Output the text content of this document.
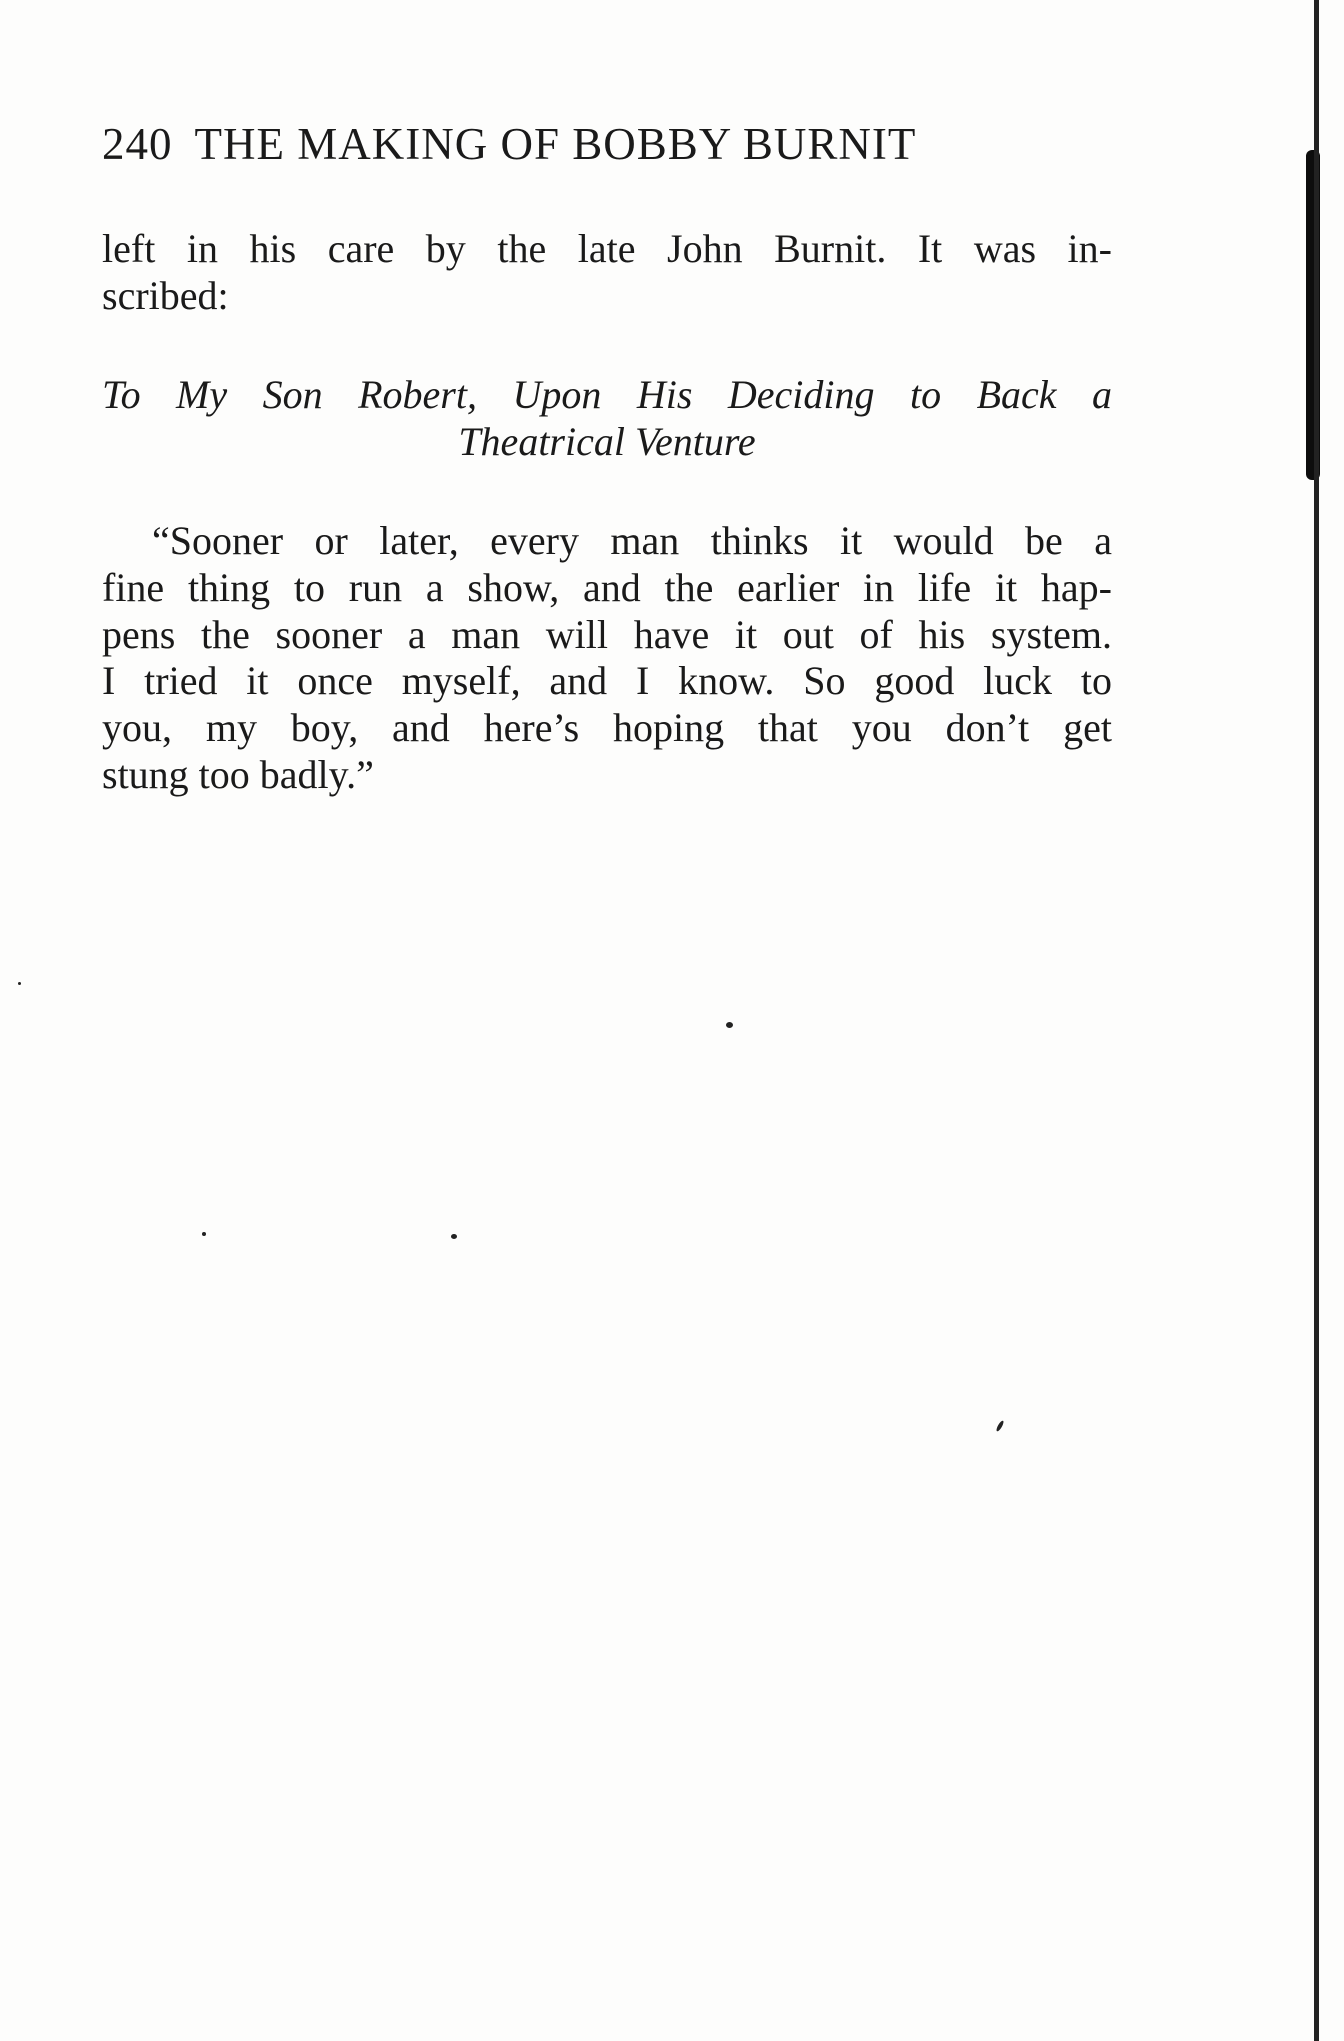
240 THE MAKING OF BOBBY BURNIT
left in his care by the late John Burnit. It was in-
scribed:
To My Son Robert, Upon His Deciding to Back a
Theatrical Venture
“Sooner or later, every man thinks it would be a
fine thing to run a show, and the earlier in life it hap-
pens the sooner a man will have it out of his system.
I tried it once myself, and I know. So good luck to
you, my boy, and here’s hoping that you don’t get
stung too badly.”
